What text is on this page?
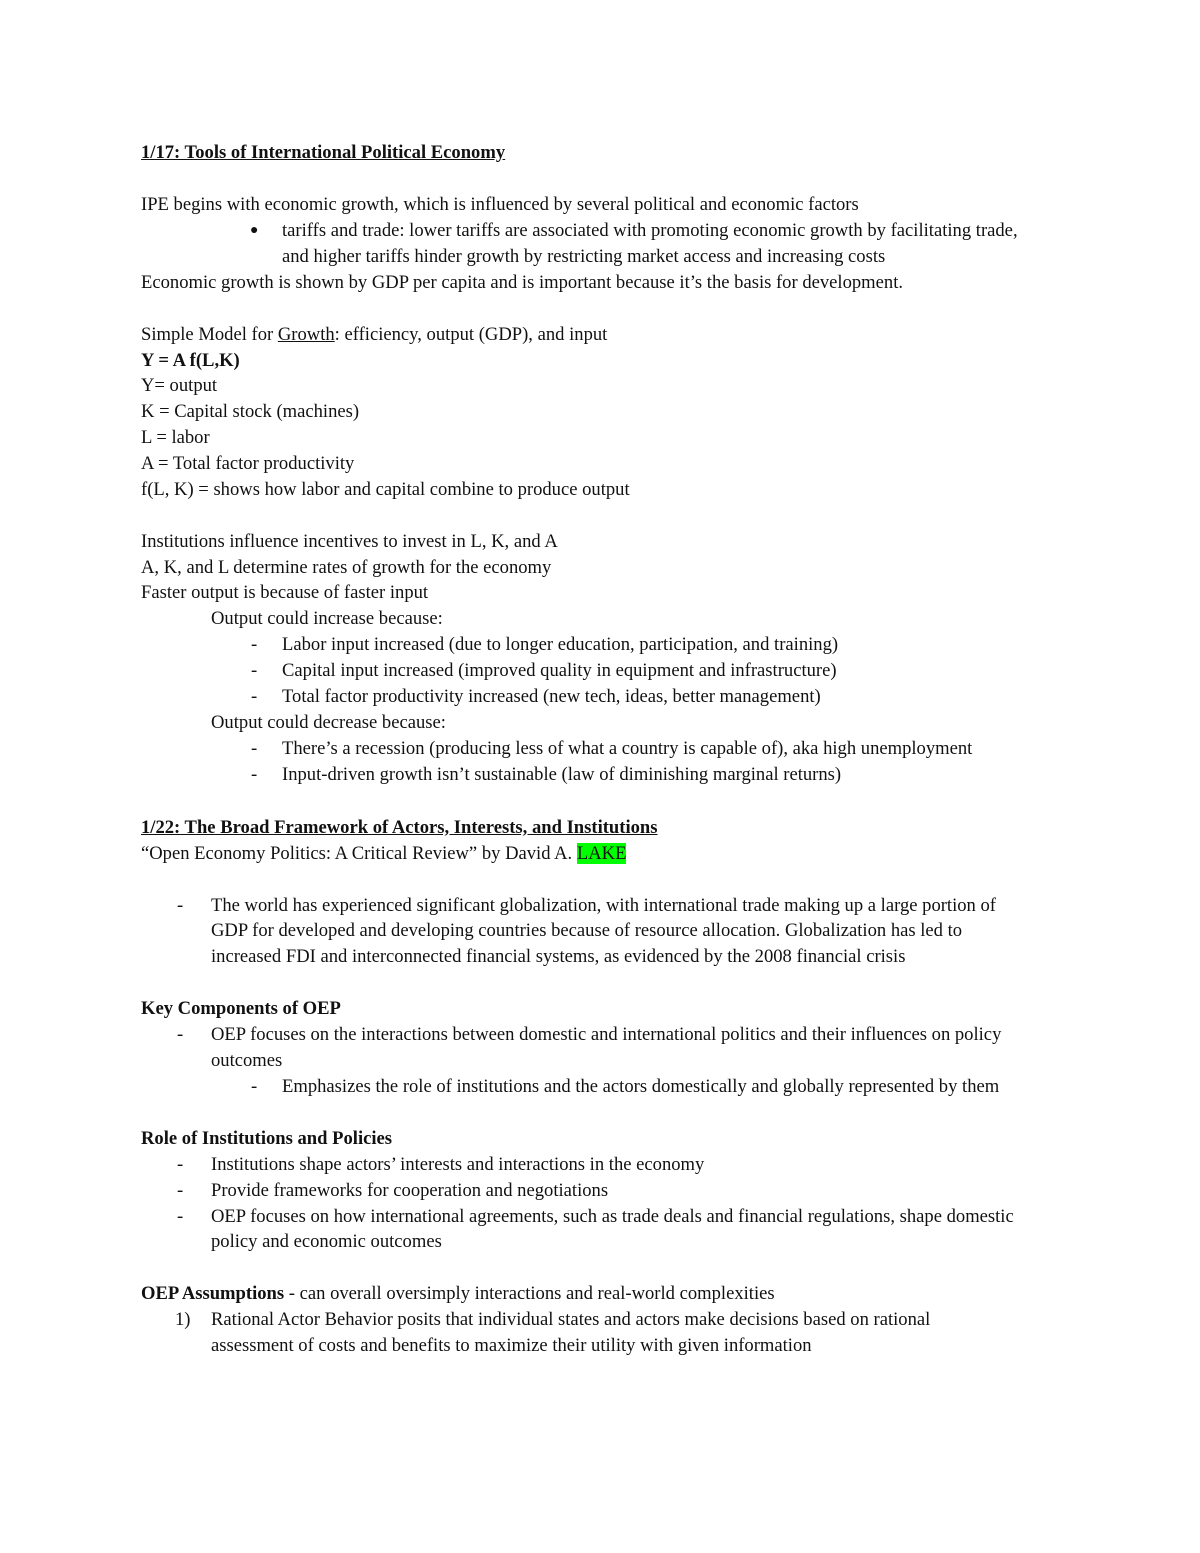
1/17: Tools of International Political Economy

IPE begins with economic growth, which is influenced by several political and economic factors

● tariffs and trade: lower tariffs are associated with promoting economic growth by facilitating trade,

and higher tariffs hinder growth by restricting market access and increasing costs

Economic growth is shown by GDP per capita and is important because it’s the basis for development.

Simple Model for Growth: efficiency, output (GDP), and input

Y = A f(L,K)

Y= output

K = Capital stock (machines)

L = labor

A = Total factor productivity

f(L, K) = shows how labor and capital combine to produce output

Institutions influence incentives to invest in L, K, and A

A, K, and L determine rates of growth for the economy

Faster output is because of faster input

Output could increase because:

- Labor input increased (due to longer education, participation, and training)

- Capital input increased (improved quality in equipment and infrastructure)

- Total factor productivity increased (new tech, ideas, better management)

Output could decrease because:

- There’s a recession (producing less of what a country is capable of), aka high unemployment

- Input-driven growth isn’t sustainable (law of diminishing marginal returns)

1/22: The Broad Framework of Actors, Interests, and Institutions

“Open Economy Politics: A Critical Review” by David A. LAKE

- The world has experienced significant globalization, with international trade making up a large portion of

GDP for developed and developing countries because of resource allocation. Globalization has led to

increased FDI and interconnected financial systems, as evidenced by the 2008 financial crisis

Key Components of OEP

- OEP focuses on the interactions between domestic and international politics and their influences on policy

outcomes

- Emphasizes the role of institutions and the actors domestically and globally represented by them

Role of Institutions and Policies

- Institutions shape actors’ interests and interactions in the economy

- Provide frameworks for cooperation and negotiations

- OEP focuses on how international agreements, such as trade deals and financial regulations, shape domestic

policy and economic outcomes

OEP Assumptions - can overall oversimply interactions and real-world complexities

1) Rational Actor Behavior posits that individual states and actors make decisions based on rational

assessment of costs and benefits to maximize their utility with given information
